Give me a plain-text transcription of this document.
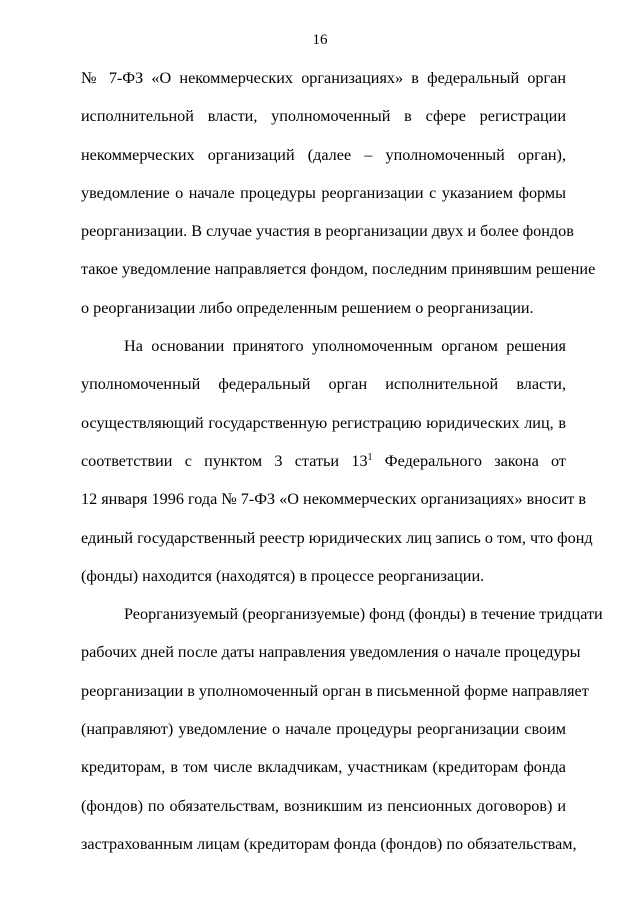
16
№ 7-ФЗ «О некоммерческих организациях» в федеральный орган
исполнительной власти, уполномоченный в сфере регистрации
некоммерческих организаций (далее – уполномоченный орган),
уведомление о начале процедуры реорганизации с указанием формы
реорганизации. В случае участия в реорганизации двух и более фондов
такое уведомление направляется фондом, последним принявшим решение
о реорганизации либо определенным решением о реорганизации.
На основании принятого уполномоченным органом решения
уполномоченный федеральный орган исполнительной власти,
осуществляющий государственную регистрацию юридических лиц, в
соответствии с пунктом 3 статьи $13^1$ Федерального закона от
12 января 1996 года № 7-ФЗ «О некоммерческих организациях» вносит в
единый государственный реестр юридических лиц запись о том, что фонд
(фонды) находится (находятся) в процессе реорганизации.
Реорганизуемый (реорганизуемые) фонд (фонды) в течение тридцати
рабочих дней после даты направления уведомления о начале процедуры
реорганизации в уполномоченный орган в письменной форме направляет
(направляют) уведомление о начале процедуры реорганизации своим
кредиторам, в том числе вкладчикам, участникам (кредиторам фонда
(фондов) по обязательствам, возникшим из пенсионных договоров) и
застрахованным лицам (кредиторам фонда (фондов) по обязательствам,
